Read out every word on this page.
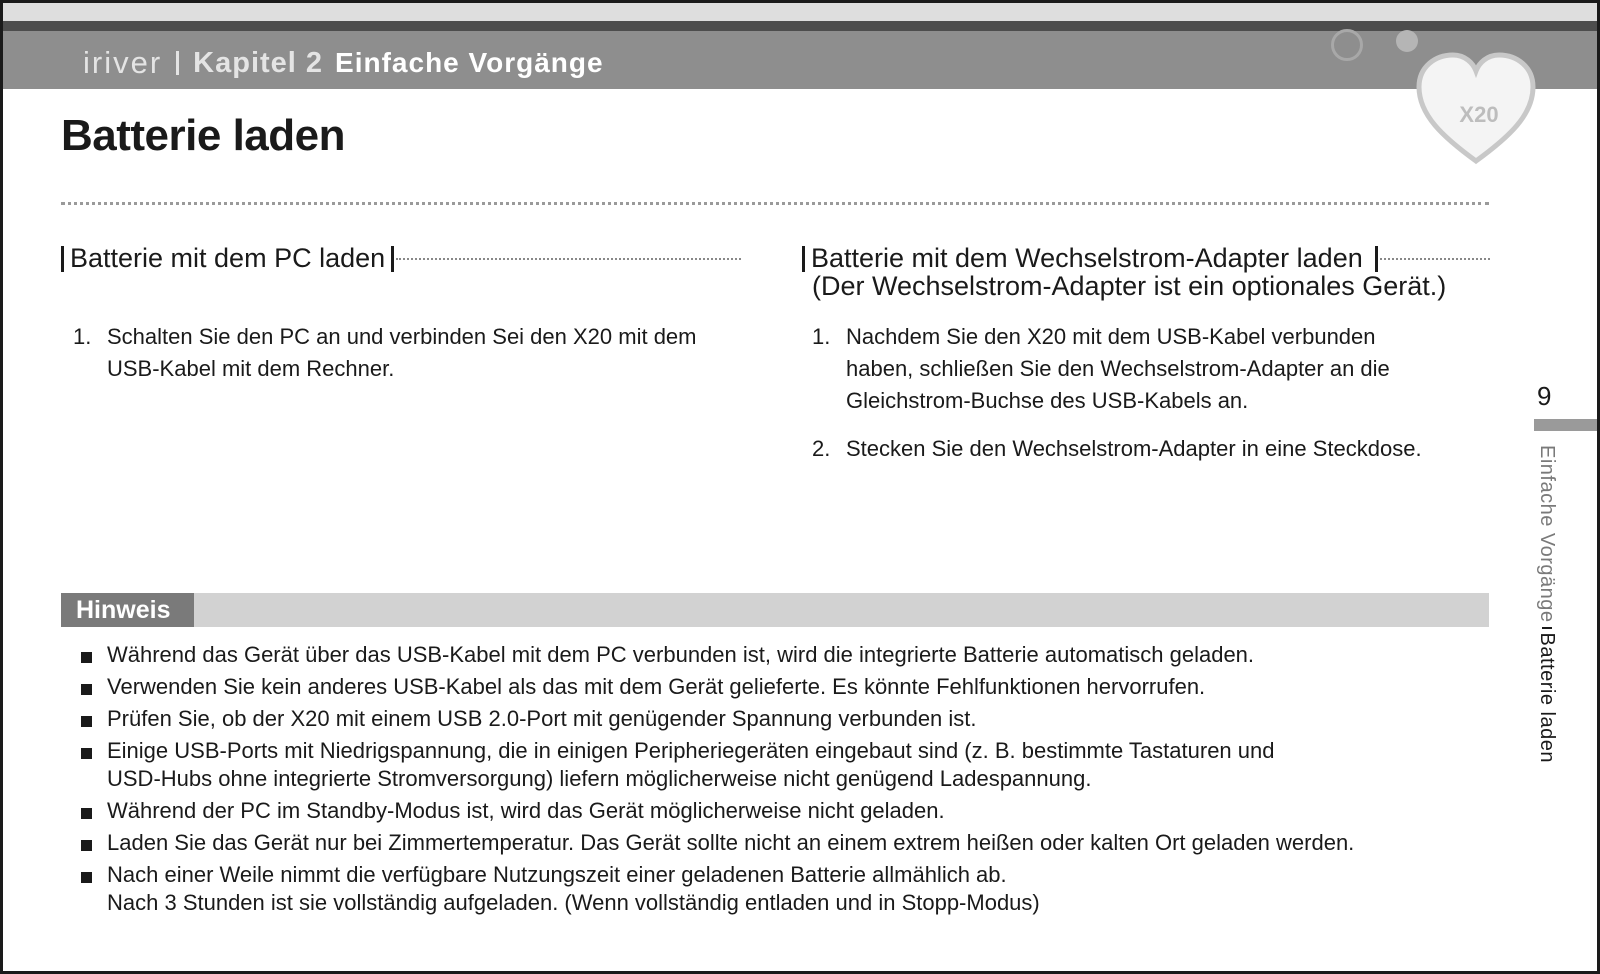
iriver Kapitel 2 Einfache Vorgänge
X20
Batterie laden
Batterie mit dem PC laden
1. Schalten Sie den PC an und verbinden Sei den X20 mit dem
USB-Kabel mit dem Rechner.
Batterie mit dem Wechselstrom-Adapter laden
(Der Wechselstrom-Adapter ist ein optionales Gerät.)
1. Nachdem Sie den X20 mit dem USB-Kabel verbunden
haben, schließen Sie den Wechselstrom-Adapter an die
Gleichstrom-Buchse des USB-Kabels an.
2. Stecken Sie den Wechselstrom-Adapter in eine Steckdose.
9
Einfache VorgängeBatterie laden
Hinweis
Während das Gerät über das USB-Kabel mit dem PC verbunden ist, wird die integrierte Batterie automatisch geladen.
Verwenden Sie kein anderes USB-Kabel als das mit dem Gerät gelieferte. Es könnte Fehlfunktionen hervorrufen.
Prüfen Sie, ob der X20 mit einem USB 2.0-Port mit genügender Spannung verbunden ist.
Einige USB-Ports mit Niedrigspannung, die in einigen Peripheriegeräten eingebaut sind (z. B. bestimmte Tastaturen und
USD-Hubs ohne integrierte Stromversorgung) liefern möglicherweise nicht genügend Ladespannung.
Während der PC im Standby-Modus ist, wird das Gerät möglicherweise nicht geladen.
Laden Sie das Gerät nur bei Zimmertemperatur. Das Gerät sollte nicht an einem extrem heißen oder kalten Ort geladen werden.
Nach einer Weile nimmt die verfügbare Nutzungszeit einer geladenen Batterie allmählich ab.
Nach 3 Stunden ist sie vollständig aufgeladen. (Wenn vollständig entladen und in Stopp-Modus)
